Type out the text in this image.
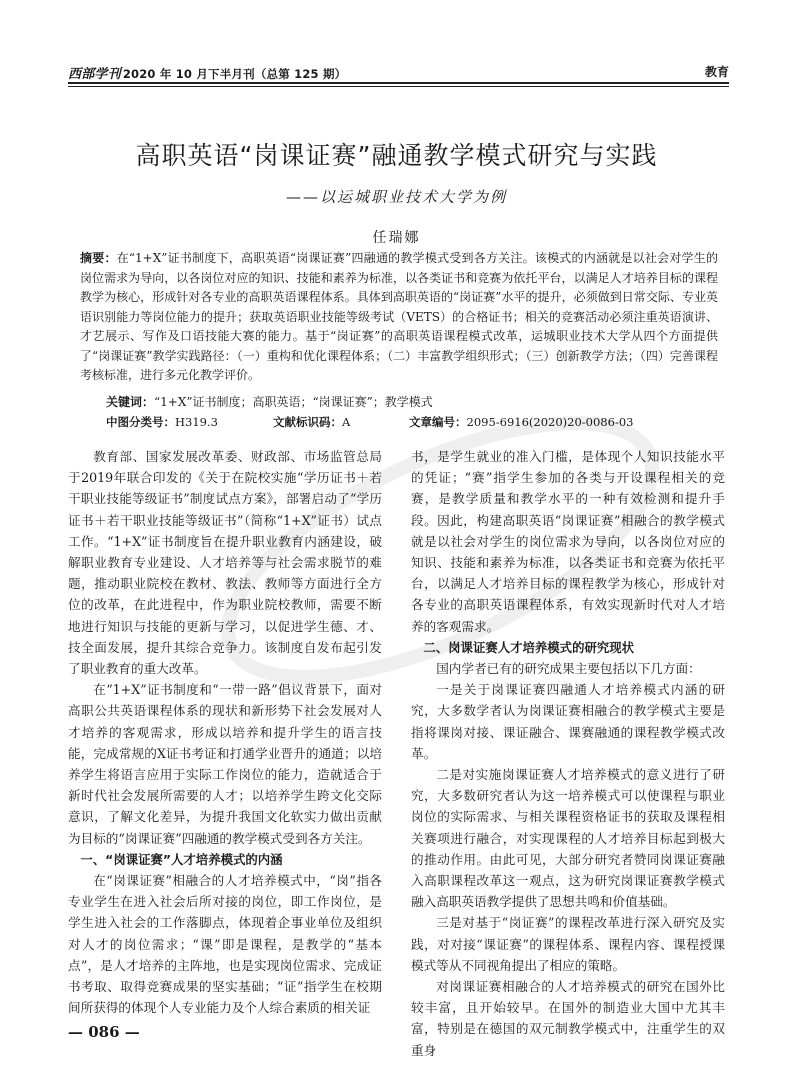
西部学刊 2020 年 10 月下半月刊（总第 125 期）	教育
高职英语“岗课证赛”融通教学模式研究与实践
——以运城职业技术大学为例
任瑞娜
摘要：在“1+X”证书制度下，高职英语“岗课证赛”四融通的教学模式受到各方关注。该模式的内涵就是以社会对学生的岗位需求为导向，以各岗位对应的知识、技能和素养为标准，以各类证书和竞赛为依托平台，以满足人才培养目标的课程教学为核心，形成针对各专业的高职英语课程体系。具体到高职英语的“岗证赛”水平的提升，必须做到日常交际、专业英语识别能力等岗位能力的提升；获取英语职业技能等级考试（VETS）的合格证书；相关的竞赛活动必须注重英语演讲、才艺展示、写作及口语技能大赛的能力。基于“岗证赛”的高职英语课程模式改革，运城职业技术大学从四个方面提供了“岗课证赛”教学实践路径：（一）重构和优化课程体系；（二）丰富教学组织形式；（三）创新教学方法；（四）完善课程考核标准，进行多元化教学评价。
关键词：“1+X”证书制度；高职英语；“岗课证赛”；教学模式
中图分类号：H319.3	文献标识码：A	文章编号：2095-6916(2020)20-0086-03

教育部、国家发展改革委、财政部、市场监管总局于2019年联合印发的《关于在院校实施“学历证书＋若干职业技能等级证书”制度试点方案》，部署启动了“学历证书＋若干职业技能等级证书”（简称“1+X”证书）试点工作。“1+X”证书制度旨在提升职业教育内涵建设，破解职业教育专业建设、人才培养等与社会需求脱节的难题，推动职业院校在教材、教法、教师等方面进行全方位的改革，在此进程中，作为职业院校教师，需要不断地进行知识与技能的更新与学习，以促进学生德、才、技全面发展，提升其综合竞争力。该制度自发布起引发了职业教育的重大改革。

在“1+X”证书制度和“一带一路”倡议背景下，面对高职公共英语课程体系的现状和新形势下社会发展对人才培养的客观需求，形成以培养和提升学生的语言技能，完成常规的X证书考证和打通学业晋升的通道；以培养学生将语言应用于实际工作岗位的能力，造就适合于新时代社会发展所需要的人才；以培养学生跨文化交际意识，了解文化差异，为提升我国文化软实力做出贡献为目标的“岗课证赛”四融通的教学模式受到各方关注。

一、“岗课证赛”人才培养模式的内涵

在“岗课证赛”相融合的人才培养模式中，“岗”指各专业学生在进入社会后所对接的岗位，即工作岗位，是学生进入社会的工作落脚点，体现着企事业单位及组织对人才的岗位需求；“课”即是课程，是教学的“基本点”，是人才培养的主阵地，也是实现岗位需求、完成证书考取、取得竞赛成果的坚实基础；“证”指学生在校期间所获得的体现个人专业能力及个人综合素质的相关证

书，是学生就业的准入门槛，是体现个人知识技能水平的凭证；“赛”指学生参加的各类与开设课程相关的竞赛，是教学质量和教学水平的一种有效检测和提升手段。因此，构建高职英语“岗课证赛”相融合的教学模式就是以社会对学生的岗位需求为导向，以各岗位对应的知识、技能和素养为标准，以各类证书和竞赛为依托平台，以满足人才培养目标的课程教学为核心，形成针对各专业的高职英语课程体系，有效实现新时代对人才培养的客观需求。

二、岗课证赛人才培养模式的研究现状

国内学者已有的研究成果主要包括以下几方面：

一是关于岗课证赛四融通人才培养模式内涵的研究，大多数学者认为岗课证赛相融合的教学模式主要是指将课岗对接、课证融合、课赛融通的课程教学模式改革。

二是对实施岗课证赛人才培养模式的意义进行了研究，大多数研究者认为这一培养模式可以使课程与职业岗位的实际需求、与相关课程资格证书的获取及课程相关赛项进行融合，对实现课程的人才培养目标起到极大的推动作用。由此可见，大部分研究者赞同岗课证赛融入高职课程改革这一观点，这为研究岗课证赛教学模式融入高职英语教学提供了思想共鸣和价值基础。

三是对基于“岗证赛”的课程改革进行深入研究及实践，对对接“课证赛”的课程体系、课程内容、课程授课模式等从不同视角提出了相应的策略。

对岗课证赛相融合的人才培养模式的研究在国外比较丰富，且开始较早。在国外的制造业大国中尤其丰富，特别是在德国的双元制教学模式中，注重学生的双重身

— 086 —
